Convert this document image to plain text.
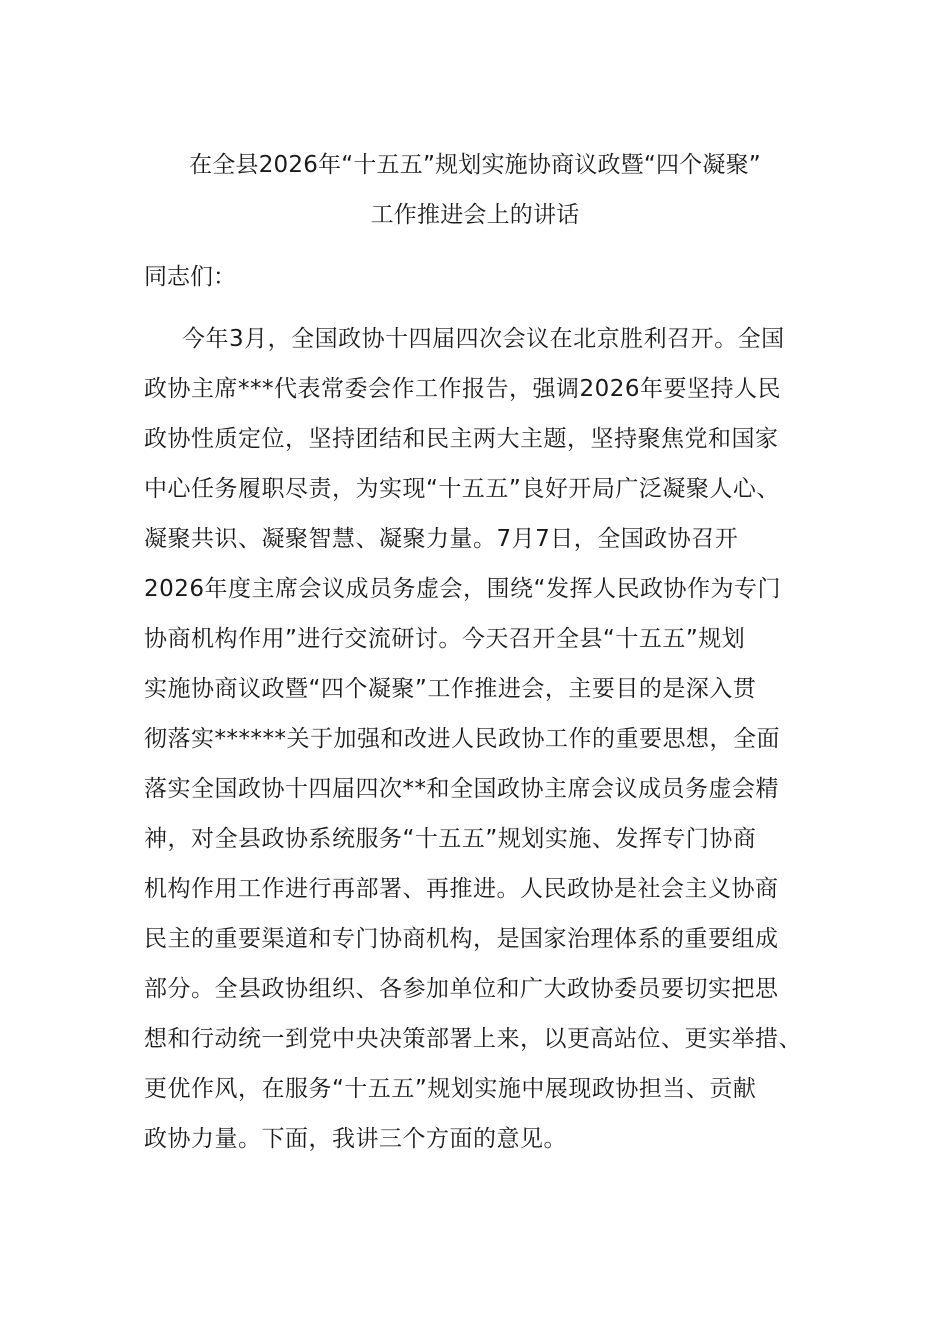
在全县2026年“十五五”规划实施协商议政暨“四个凝聚”
工作推进会上的讲话
同志们：
今年3月，全国政协十四届四次会议在北京胜利召开。全国
政协主席***代表常委会作工作报告，强调2026年要坚持人民
政协性质定位，坚持团结和民主两大主题，坚持聚焦党和国家
中心任务履职尽责，为实现“十五五”良好开局广泛凝聚人心、
凝聚共识、凝聚智慧、凝聚力量。7月7日，全国政协召开
2026年度主席会议成员务虚会，围绕“发挥人民政协作为专门
协商机构作用”进行交流研讨。今天召开全县“十五五”规划
实施协商议政暨“四个凝聚”工作推进会，主要目的是深入贯
彻落实******关于加强和改进人民政协工作的重要思想，全面
落实全国政协十四届四次**和全国政协主席会议成员务虚会精
神，对全县政协系统服务“十五五”规划实施、发挥专门协商
机构作用工作进行再部署、再推进。人民政协是社会主义协商
民主的重要渠道和专门协商机构，是国家治理体系的重要组成
部分。全县政协组织、各参加单位和广大政协委员要切实把思
想和行动统一到党中央决策部署上来，以更高站位、更实举措、
更优作风，在服务“十五五”规划实施中展现政协担当、贡献
政协力量。下面，我讲三个方面的意见。
